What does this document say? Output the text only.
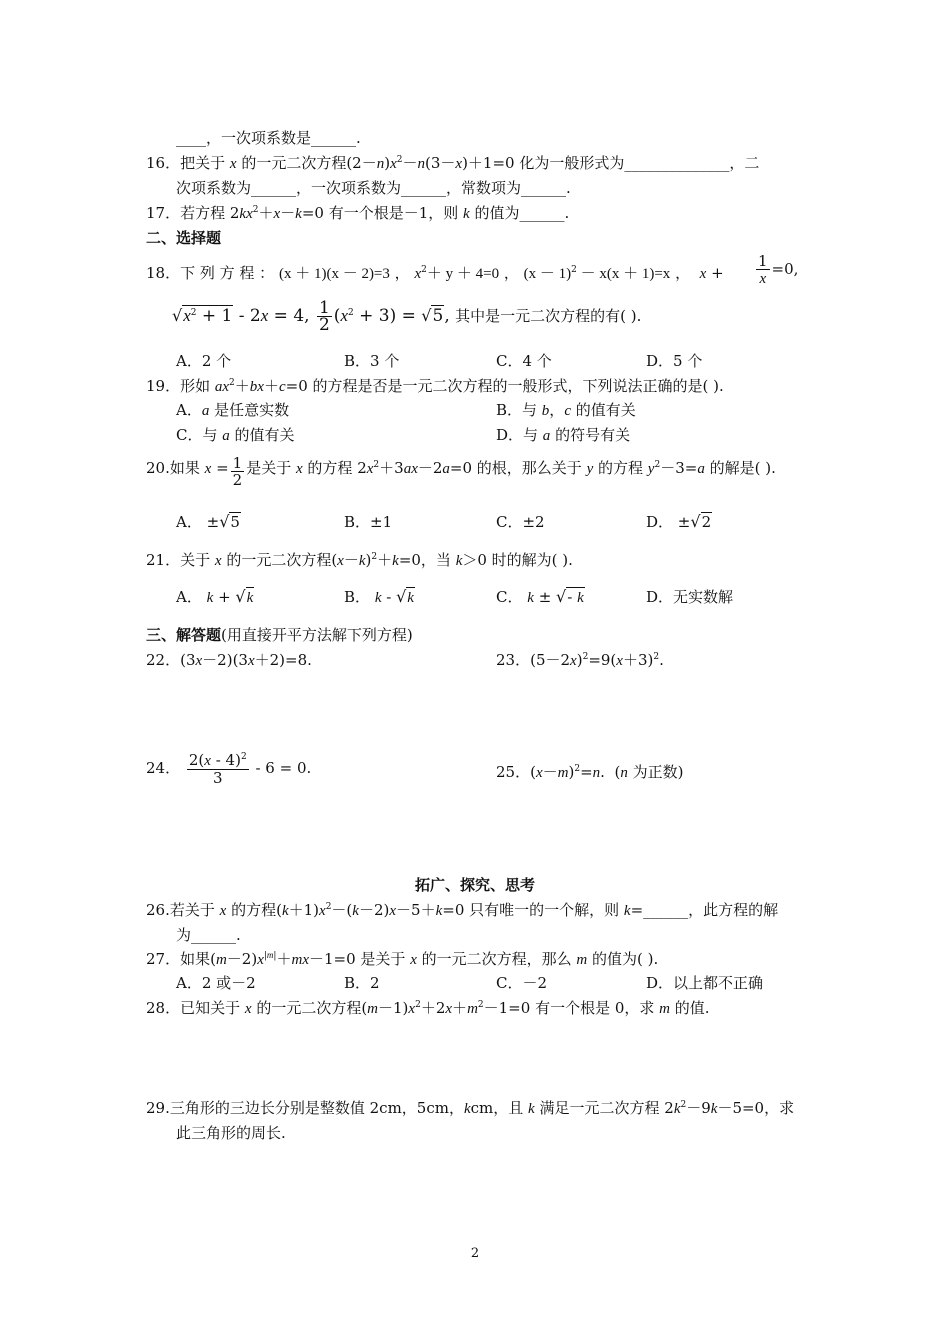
____，一次项系数是______.
16．把关于 x 的一元二次方程$(2-n)x^2-n(3-x)+1=0$ 化为一般形式为______________，二
次项系数为______，一次项系数为______，常数项为______.
17．若方程 $2kx^2+x-k=0$ 有一个根是－1，则 k 的值为______.
二、选择题
18．下 列 方 程 ： (x ＋ 1)(x － 2)=3 ， $x^2+ y + 4=0$ ， $(x - 1)^2 - x(x + 1)=x$ ，  $x + \frac{1}{x} =0$,
$√x^2 + 1 - 2x = 4$, $\frac{1}{2} (x^2 + 3) = √5$, 其中是一元二次方程的有( ).
A．2 个	B．3 个	C．4 个	D．5 个
19．形如 $ax^2+bx+c=0$ 的方程是否是一元二次方程的一般形式，下列说法正确的是( ).
A．a 是任意实数	B．与 b，c 的值有关
C．与 a 的值有关	D．与 a 的符号有关
20.如果 $x = \frac{1}{2}$ 是关于 x 的方程 $2x^2+3ax-2a=0$ 的根，那么关于 y 的方程 $y^2-3=a$ 的解是( ).
A． ±√5	B．±1	C．±2	D． ±√2
21．关于 x 的一元二次方程$(x-k)^2+k=0$，当 k＞0 时的解为( ).
A． k + √k	B． k - √k	C． k ± √- k	D．无实数解
三、解答题(用直接开平方法解下列方程)
22．(3x－2)(3x＋2)=8.	23．$(5-2x)^2=9(x+3)^2$.
24． $\frac{2(x - 4)^2}{3} - 6 = 0$.	25．$(x-m)^2=n$.  (n 为正数)
拓广、探究、思考
26.若关于 x 的方程$(k+1)x^2-(k-2)x-5+k=0$ 只有唯一的一个解，则 k=______，此方程的解
为______.
27．如果$(m-2)x^{|m|}+mx-1=0$ 是关于 x 的一元二次方程，那么 m 的值为( ).
A．2 或－2	B．2	C．－2	D．以上都不正确
28．已知关于 x 的一元二次方程$(m-1)x^2+2x+m^2-1=0$ 有一个根是 0，求 m 的值.
29.三角形的三边长分别是整数值 2cm，5cm，kcm，且 k 满足一元二次方程 $2k^2-9k-5=0$，求
此三角形的周长.
2
